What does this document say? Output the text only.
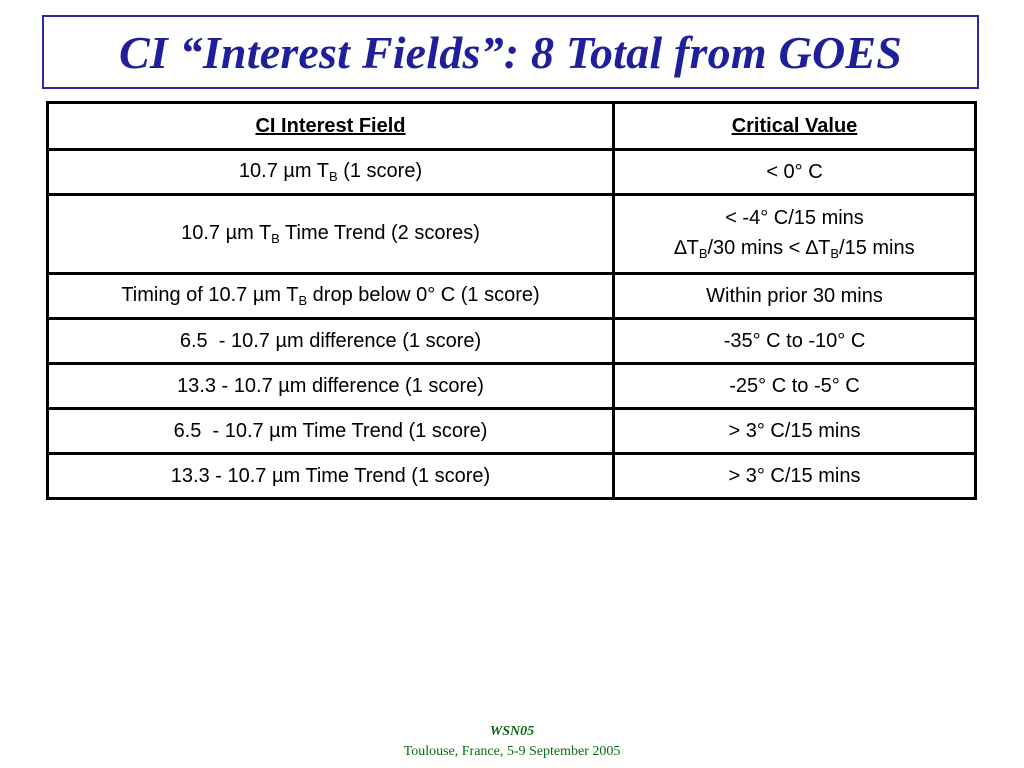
CI “Interest Fields”: 8 Total from GOES
CI Interest Field	Critical Value
10.7 µm $T_B$ (1 score)	< 0° C
10.7 µm $T_B$ Time Trend (2 scores)	< -4° C/15 mins
$\Delta T_B/30$ $\min s < \Delta T_B/15$ mins

Timing of 10.7 µm $T_B$ drop below 0° C (1 score)	Within prior 30 mins
6.5  - 10.7 µm difference (1 score)	-35° C to -10° C
13.3 - 10.7 µm difference (1 score)	-25° C to -5° C
6.5  - 10.7 µm Time Trend (1 score)	> 3° C/15 mins
13.3 - 10.7 µm Time Trend (1 score)	> 3° C/15 mins
WSN05
Toulouse, France, 5-9 September 2005
